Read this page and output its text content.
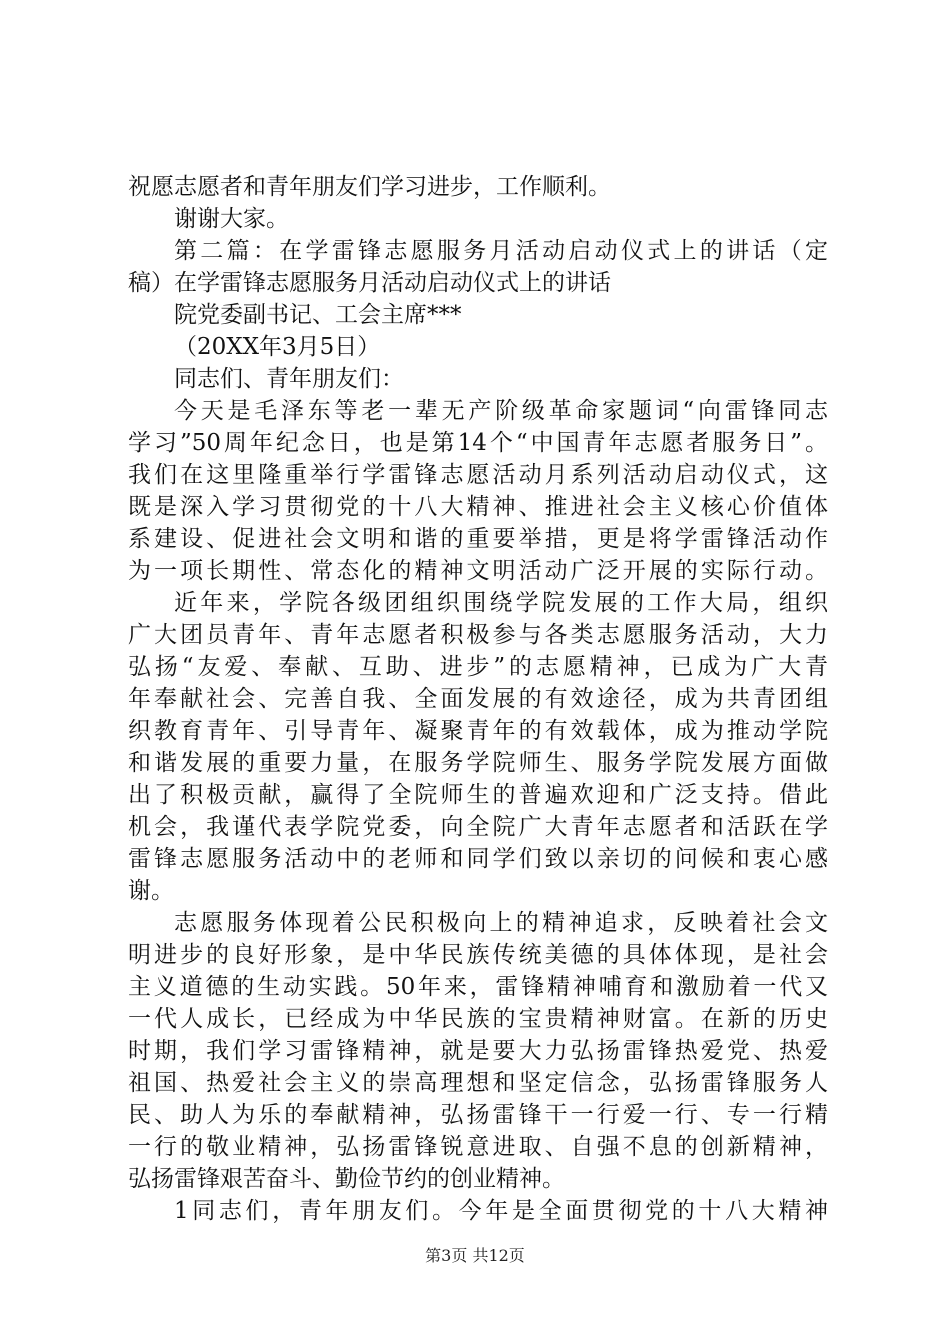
祝愿志愿者和青年朋友们学习进步，工作顺利。
谢谢大家。
第二篇：在学雷锋志愿服务月活动启动仪式上的讲话（定
稿）在学雷锋志愿服务月活动启动仪式上的讲话
院党委副书记、工会主席***
（20XX年3月5日）
同志们、青年朋友们：
今天是毛泽东等老一辈无产阶级革命家题词“向雷锋同志
学习”50周年纪念日，也是第14个“中国青年志愿者服务日”。
我们在这里隆重举行学雷锋志愿活动月系列活动启动仪式，这
既是深入学习贯彻党的十八大精神、推进社会主义核心价值体
系建设、促进社会文明和谐的重要举措，更是将学雷锋活动作
为一项长期性、常态化的精神文明活动广泛开展的实际行动。
近年来，学院各级团组织围绕学院发展的工作大局，组织
广大团员青年、青年志愿者积极参与各类志愿服务活动，大力
弘扬“友爱、奉献、互助、进步”的志愿精神，已成为广大青
年奉献社会、完善自我、全面发展的有效途径，成为共青团组
织教育青年、引导青年、凝聚青年的有效载体，成为推动学院
和谐发展的重要力量，在服务学院师生、服务学院发展方面做
出了积极贡献，赢得了全院师生的普遍欢迎和广泛支持。借此
机会，我谨代表学院党委，向全院广大青年志愿者和活跃在学
雷锋志愿服务活动中的老师和同学们致以亲切的问候和衷心感
谢。
志愿服务体现着公民积极向上的精神追求，反映着社会文
明进步的良好形象，是中华民族传统美德的具体体现，是社会
主义道德的生动实践。50年来，雷锋精神哺育和激励着一代又
一代人成长，已经成为中华民族的宝贵精神财富。在新的历史
时期，我们学习雷锋精神，就是要大力弘扬雷锋热爱党、热爱
祖国、热爱社会主义的崇高理想和坚定信念，弘扬雷锋服务人
民、助人为乐的奉献精神，弘扬雷锋干一行爱一行、专一行精
一行的敬业精神，弘扬雷锋锐意进取、自强不息的创新精神，
弘扬雷锋艰苦奋斗、勤俭节约的创业精神。
1同志们，青年朋友们。今年是全面贯彻党的十八大精神
第3页 共12页
